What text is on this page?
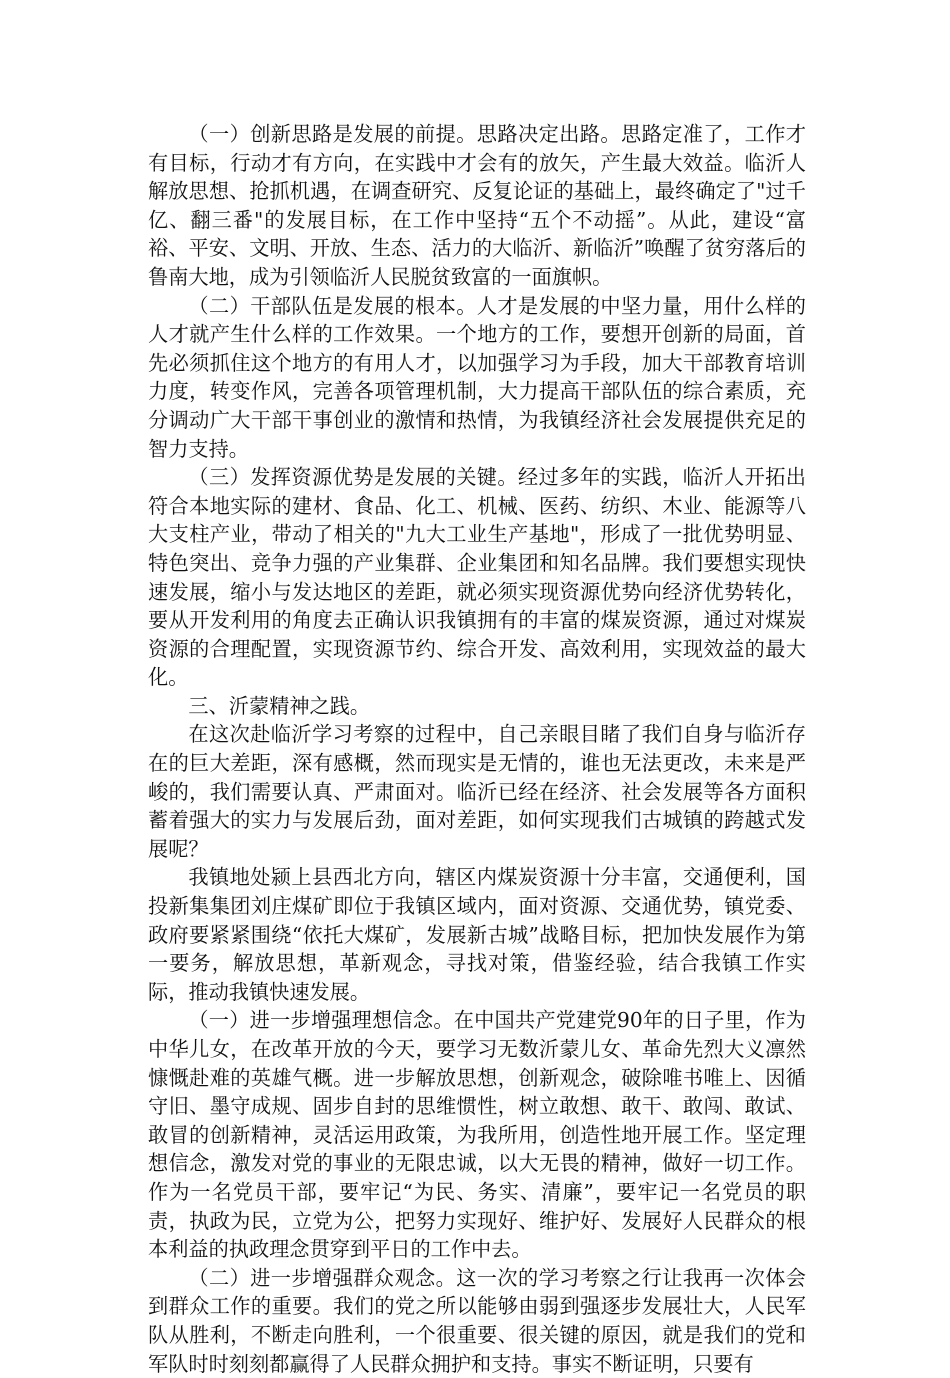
（一）创新思路是发展的前提。思路决定出路。思路定准了，工作才有目标，行动才有方向，在实践中才会有的放矢，产生最大效益。临沂人解放思想、抢抓机遇，在调查研究、反复论证的基础上，最终确定了"过千亿、翻三番"的发展目标，在工作中坚持“五个不动摇”。从此，建设“富裕、平安、文明、开放、生态、活力的大临沂、新临沂”唤醒了贫穷落后的鲁南大地，成为引领临沂人民脱贫致富的一面旗帜。

（二）干部队伍是发展的根本。人才是发展的中坚力量，用什么样的人才就产生什么样的工作效果。一个地方的工作，要想开创新的局面，首先必须抓住这个地方的有用人才，以加强学习为手段，加大干部教育培训力度，转变作风，完善各项管理机制，大力提高干部队伍的综合素质，充分调动广大干部干事创业的激情和热情，为我镇经济社会发展提供充足的智力支持。

（三）发挥资源优势是发展的关键。经过多年的实践，临沂人开拓出符合本地实际的建材、食品、化工、机械、医药、纺织、木业、能源等八大支柱产业，带动了相关的"九大工业生产基地"，形成了一批优势明显、特色突出、竞争力强的产业集群、企业集团和知名品牌。我们要想实现快速发展，缩小与发达地区的差距，就必须实现资源优势向经济优势转化，要从开发利用的角度去正确认识我镇拥有的丰富的煤炭资源，通过对煤炭资源的合理配置，实现资源节约、综合开发、高效利用，实现效益的最大化。

三、沂蒙精神之践。

在这次赴临沂学习考察的过程中，自己亲眼目睹了我们自身与临沂存在的巨大差距，深有感概，然而现实是无情的，谁也无法更改，未来是严峻的，我们需要认真、严肃面对。临沂已经在经济、社会发展等各方面积蓄着强大的实力与发展后劲，面对差距，如何实现我们古城镇的跨越式发展呢？

我镇地处颍上县西北方向，辖区内煤炭资源十分丰富，交通便利，国投新集集团刘庄煤矿即位于我镇区域内，面对资源、交通优势，镇党委、政府要紧紧围绕“依托大煤矿，发展新古城”战略目标，把加快发展作为第一要务，解放思想，革新观念，寻找对策，借鉴经验，结合我镇工作实际，推动我镇快速发展。

（一）进一步增强理想信念。在中国共产党建党90年的日子里，作为中华儿女，在改革开放的今天，要学习无数沂蒙儿女、革命先烈大义凛然慷慨赴难的英雄气概。进一步解放思想，创新观念，破除唯书唯上、因循守旧、墨守成规、固步自封的思维惯性，树立敢想、敢干、敢闯、敢试、敢冒的创新精神，灵活运用政策，为我所用，创造性地开展工作。坚定理想信念，激发对党的事业的无限忠诚，以大无畏的精神，做好一切工作。作为一名党员干部，要牢记“为民、务实、清廉”，要牢记一名党员的职责，执政为民，立党为公，把努力实现好、维护好、发展好人民群众的根本利益的执政理念贯穿到平日的工作中去。

（二）进一步增强群众观念。这一次的学习考察之行让我再一次体会到群众工作的重要。我们的党之所以能够由弱到强逐步发展壮大，人民军队从胜利，不断走向胜利，一个很重要、很关键的原因，就是我们的党和军队时时刻刻都赢得了人民群众拥护和支持。事实不断证明，只要有
